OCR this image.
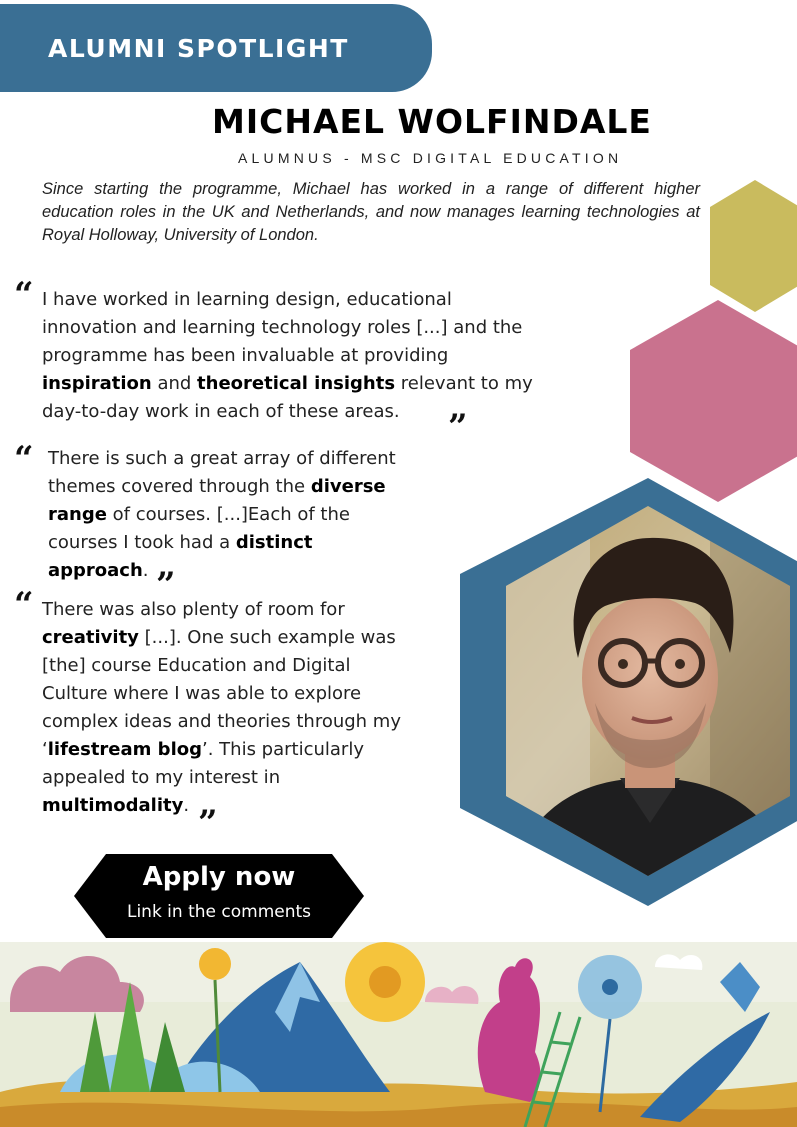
ALUMNI SPOTLIGHT
MICHAEL WOLFINDALE
ALUMNUS - MSC DIGITAL EDUCATION
Since starting the programme, Michael has worked in a range of different higher education roles in the UK and Netherlands, and now manages learning technologies at Royal Holloway, University of London.
“ I have worked in learning design, educational
innovation and learning technology roles [...] and the
programme has been invaluable at providing
inspiration and theoretical insights relevant to my
day-to-day work in each of these areas.	”
“ There is such a great array of different
themes covered through the diverse
range of courses. [...]Each of the
courses I took had a distinct
approach. ”
“ There was also plenty of room for
creativity [...]. One such example was
[the] course Education and Digital
Culture where I was able to explore
complex ideas and theories through my
‘lifestream blog’. This particularly
appealed to my interest in
multimodality. ”
Apply now
Link in the comments
